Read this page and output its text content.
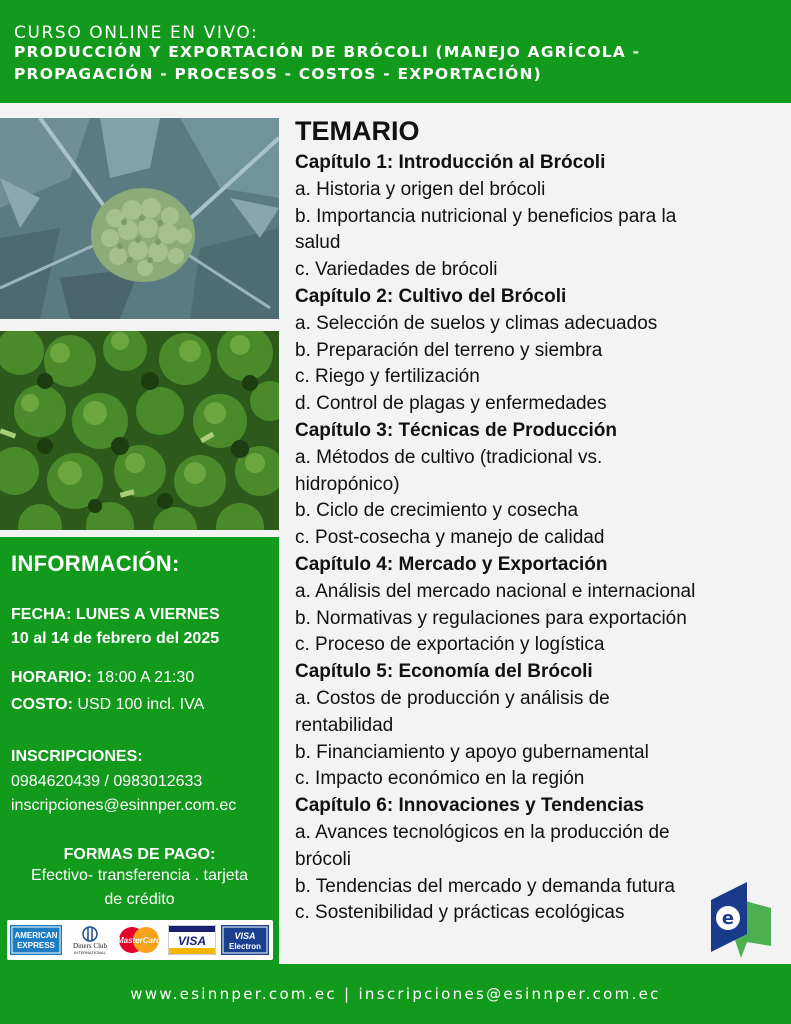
CURSO ONLINE EN VIVO:
PRODUCCIÓN Y EXPORTACIÓN DE BRÓCOLI (MANEJO AGRÍCOLA -
PROPAGACIÓN - PROCESOS - COSTOS - EXPORTACIÓN)
INFORMACIÓN:
FECHA: LUNES A VIERNES
10 al 14 de febrero del 2025
HORARIO: 18:00 A 21:30
COSTO: USD 100 incl. IVA
INSCRIPCIONES:
0984620439 / 0983012633
inscripciones@esinnper.com.ec
FORMAS DE PAGO:
Efectivo- transferencia . tarjeta
de crédito
AMERICAN
EXPRESS	Diners Club
INTERNATIONAL
MasterCard VISA	VISA
Electron
TEMARIO
Capítulo 1: Introducción al Brócoli
a. Historia y origen del brócoli
b. Importancia nutricional y beneficios para la
salud
c. Variedades de brócoli
Capítulo 2: Cultivo del Brócoli
a. Selección de suelos y climas adecuados
b. Preparación del terreno y siembra
c. Riego y fertilización
d. Control de plagas y enfermedades
Capítulo 3: Técnicas de Producción
a. Métodos de cultivo (tradicional vs.
hidropónico)
b. Ciclo de crecimiento y cosecha
c. Post-cosecha y manejo de calidad
Capítulo 4: Mercado y Exportación
a. Análisis del mercado nacional e internacional
b. Normativas y regulaciones para exportación
c. Proceso de exportación y logística
Capítulo 5: Economía del Brócoli
a. Costos de producción y análisis de
rentabilidad
b. Financiamiento y apoyo gubernamental
c. Impacto económico en la región
Capítulo 6: Innovaciones y Tendencias
a. Avances tecnológicos en la producción de
brócoli
b. Tendencias del mercado y demanda futura
c. Sostenibilidad y prácticas ecológicas	e
www.esinnper.com.ec | inscripciones@esinnper.com.ec
